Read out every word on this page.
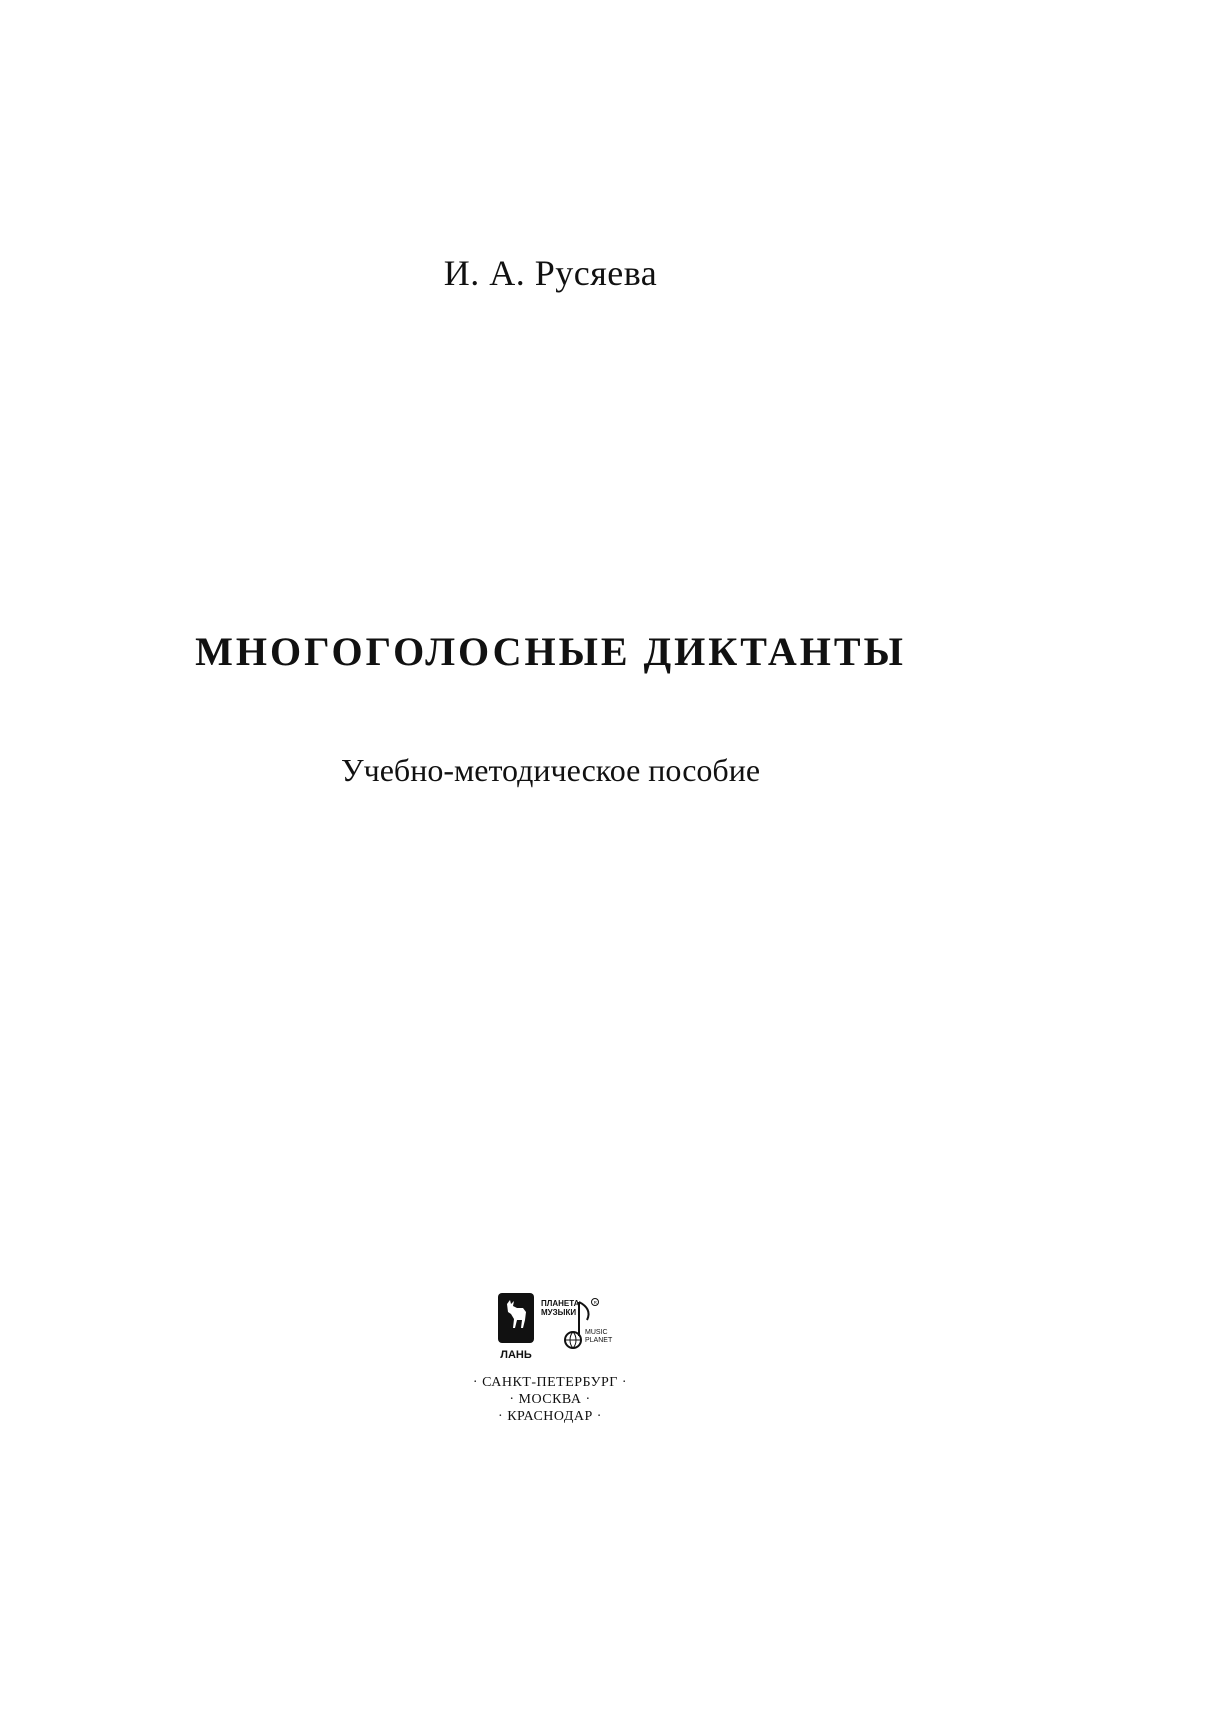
И. А. Русяева
МНОГОГОЛОСНЫЕ ДИКТАНТЫ
Учебно-методическое пособие
ЛАНЬ
ПЛАНЕТА МУЗЫКИ
R
MUSIC PLANET
· САНКТ-ПЕТЕРБУРГ ·
· МОСКВА ·
· КРАСНОДАР ·
